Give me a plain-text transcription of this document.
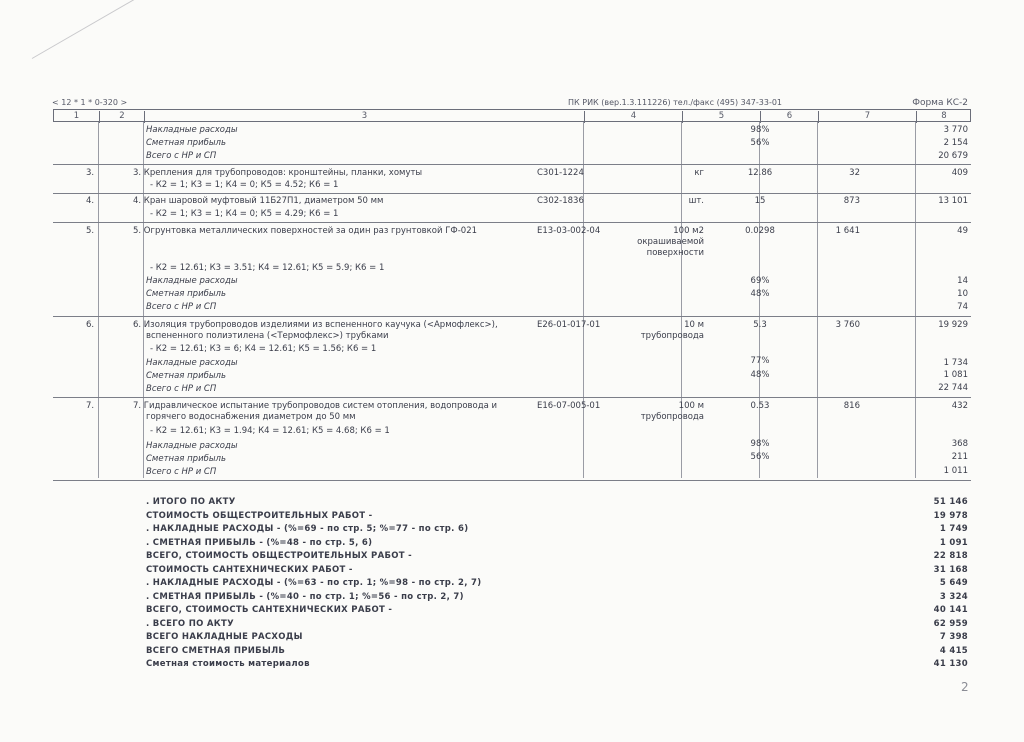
< 12 * 1 * 0-320 >	ПК РИК (вер.1.3.111226) тел./факс (495) 347-33-01	Форма КС-2
1	2	3	4	5	6	7	8
Накладные расходы	98%	3 770
Сметная прибыль	56%	2 154
Всего с НР и СП	20 679
3.	3. Крепления для трубопроводов: кронштейны, планки, хомуты	С301-1224	кг	12.86	32	409
- К2 = 1; К3 = 1; К4 = 0; К5 = 4.52; К6 = 1
4.	4. Кран шаровой муфтовый 11Б27П1, диаметром 50 мм	С302-1836	шт.	15	873	13 101
- К2 = 1; К3 = 1; К4 = 0; К5 = 4.29; К6 = 1
5.	5. Огрунтовка металлических поверхностей за один раз грунтовкой ГФ-021	Е13-03-002-04	100 м2
окрашиваемой
поверхности
0.0298	1 641	49
- К2 = 12.61; К3 = 3.51; К4 = 12.61; К5 = 5.9; К6 = 1
Накладные расходы	69%	14
Сметная прибыль	48%	10
Всего с НР и СП	74
6.	6. Изоляция трубопроводов изделиями из вспененного каучука (<Армофлекс>),
вспененного полиэтилена (<Термофлекс>) трубками
Е26-01-017-01	10 м
трубопровода
5.3	3 760	19 929
- К2 = 12.61; К3 = 6; К4 = 12.61; К5 = 1.56; К6 = 1
Накладные расходы	77%	1 734
Сметная прибыль	48%	1 081
Всего с НР и СП	22 744
7.	7. Гидравлическое испытание трубопроводов систем отопления, водопровода и
горячего водоснабжения диаметром до 50 мм
Е16-07-005-01	100 м
трубопровода
0.53	816	432
- К2 = 12.61; К3 = 1.94; К4 = 12.61; К5 = 4.68; К6 = 1
Накладные расходы	98%	368
Сметная прибыль	56%	211
Всего с НР и СП	1 011
. ИТОГО ПО АКТУ	51 146
СТОИМОСТЬ ОБЩЕСТРОИТЕЛЬНЫХ РАБОТ -	19 978
. НАКЛАДНЫЕ РАСХОДЫ - (%=69 - по стр. 5; %=77 - по стр. 6)	1 749
. СМЕТНАЯ ПРИБЫЛЬ - (%=48 - по стр. 5, 6)	1 091
ВСЕГО, СТОИМОСТЬ ОБЩЕСТРОИТЕЛЬНЫХ РАБОТ -	22 818
СТОИМОСТЬ САНТЕХНИЧЕСКИХ РАБОТ -	31 168
. НАКЛАДНЫЕ РАСХОДЫ - (%=63 - по стр. 1; %=98 - по стр. 2, 7)	5 649
. СМЕТНАЯ ПРИБЫЛЬ - (%=40 - по стр. 1; %=56 - по стр. 2, 7)	3 324
ВСЕГО, СТОИМОСТЬ САНТЕХНИЧЕСКИХ РАБОТ -	40 141
. ВСЕГО ПО АКТУ	62 959
ВСЕГО НАКЛАДНЫЕ РАСХОДЫ	7 398
ВСЕГО СМЕТНАЯ ПРИБЫЛЬ	4 415
Сметная стоимость материалов	41 130
2
